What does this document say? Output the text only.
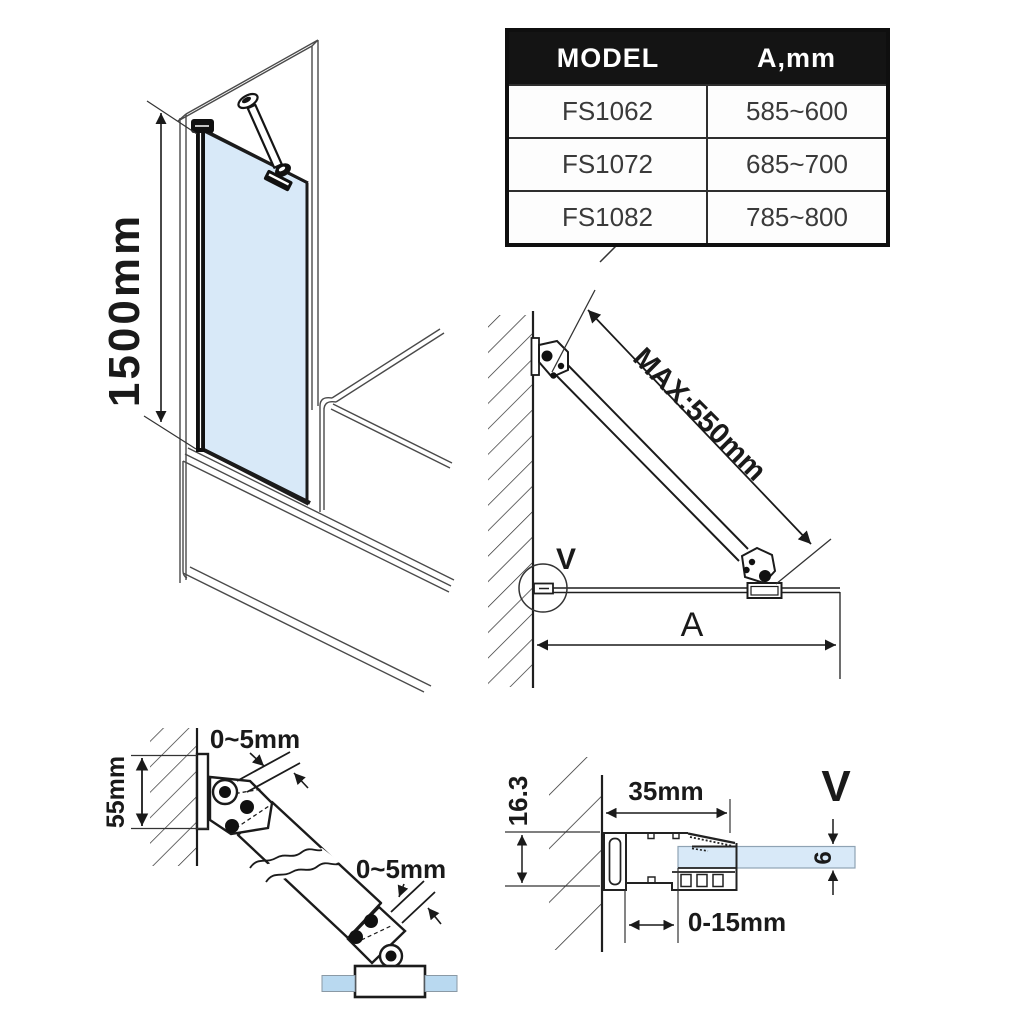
1500mm
MAX:550mm
V
A
0~5mm
0~5mm
55mm	16.3	35mm
0-15mm
6
V
MODEL	A,mm
FS1062	585~600
FS1072	685~700
FS1082	785~800
